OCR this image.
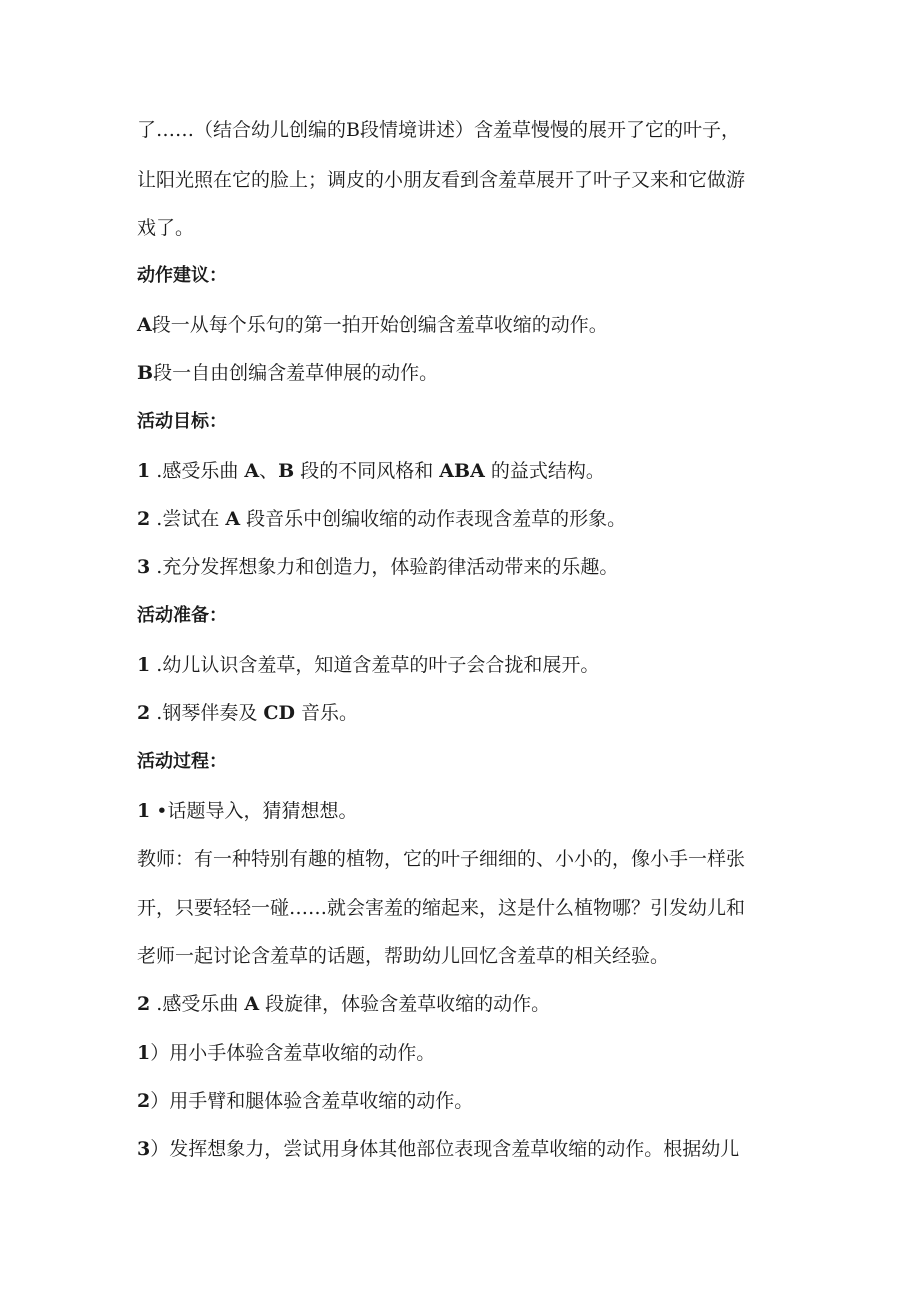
了……（结合幼儿创编的B段情境讲述）含羞草慢慢的展开了它的叶子，
让阳光照在它的脸上；调皮的小朋友看到含羞草展开了叶子又来和它做游
戏了。
动作建议：
A段一从每个乐句的第一拍开始创编含羞草收缩的动作。
B段一自由创编含羞草伸展的动作。
活动目标：
1 .感受乐曲 A、B 段的不同风格和 ABA 的益式结构。
2 .尝试在 A 段音乐中创编收缩的动作表现含羞草的形象。
3 .充分发挥想象力和创造力，体验韵律活动带来的乐趣。
活动准备：
1 .幼儿认识含羞草，知道含羞草的叶子会合拢和展开。
2 .钢琴伴奏及 CD 音乐。
活动过程：
1 •话题导入，猜猜想想。
教师：有一种特别有趣的植物，它的叶子细细的、小小的，像小手一样张
开，只要轻轻一碰……就会害羞的缩起来，这是什么植物哪？引发幼儿和
老师一起讨论含羞草的话题，帮助幼儿回忆含羞草的相关经验。
2 .感受乐曲 A 段旋律，体验含羞草收缩的动作。
1）用小手体验含羞草收缩的动作。
2）用手臂和腿体验含羞草收缩的动作。
3）发挥想象力，尝试用身体其他部位表现含羞草收缩的动作。根据幼儿
